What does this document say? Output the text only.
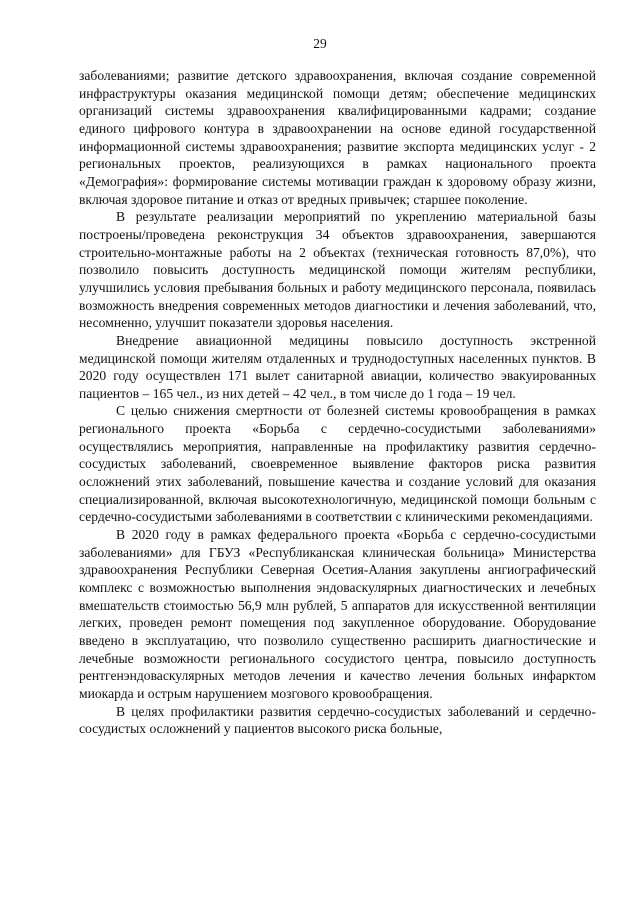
29

заболеваниями; развитие детского здравоохранения, включая создание современной инфраструктуры оказания медицинской помощи детям; обеспечение медицинских организаций системы здравоохранения квалифицированными кадрами; создание единого цифрового контура в здравоохранении на основе единой государственной информационной системы здравоохранения; развитие экспорта медицинских услуг - 2 региональных проектов, реализующихся в рамках национального проекта «Демография»: формирование системы мотивации граждан к здоровому образу жизни, включая здоровое питание и отказ от вредных привычек; старшее поколение.

В результате реализации мероприятий по укреплению материальной базы построены/проведена реконструкция 34 объектов здравоохранения, завершаются строительно-монтажные работы на 2 объектах (техническая готовность 87,0%), что позволило повысить доступность медицинской помощи жителям республики, улучшились условия пребывания больных и работу медицинского персонала, появилась возможность внедрения современных методов диагностики и лечения заболеваний, что, несомненно, улучшит показатели здоровья населения.

Внедрение авиационной медицины повысило доступность экстренной медицинской помощи жителям отдаленных и труднодоступных населенных пунктов. В 2020 году осуществлен 171 вылет санитарной авиации, количество эвакуированных пациентов – 165 чел., из них детей – 42 чел., в том числе до 1 года – 19 чел.

С целью снижения смертности от болезней системы кровообращения в рамках регионального проекта «Борьба с сердечно-сосудистыми заболеваниями» осуществлялись мероприятия, направленные на профилактику развития сердечно-сосудистых заболеваний, своевременное выявление факторов риска развития осложнений этих заболеваний, повышение качества и создание условий для оказания специализированной, включая высокотехнологичную, медицинской помощи больным с сердечно-сосудистыми заболеваниями в соответствии с клиническими рекомендациями.

В 2020 году в рамках федерального проекта «Борьба с сердечно-сосудистыми заболеваниями» для ГБУЗ «Республиканская клиническая больница» Министерства здравоохранения Республики Северная Осетия-Алания закуплены ангиографический комплекс с возможностью выполнения эндоваскулярных диагностических и лечебных вмешательств стоимостью 56,9 млн рублей, 5 аппаратов для искусственной вентиляции легких, проведен ремонт помещения под закупленное оборудование. Оборудование введено в эксплуатацию, что позволило существенно расширить диагностические и лечебные возможности регионального сосудистого центра, повысило доступность рентгенэндоваскулярных методов лечения и качество лечения больных инфарктом миокарда и острым нарушением мозгового кровообращения.

В целях профилактики развития сердечно-сосудистых заболеваний и сердечно-сосудистых осложнений у пациентов высокого риска больные,
